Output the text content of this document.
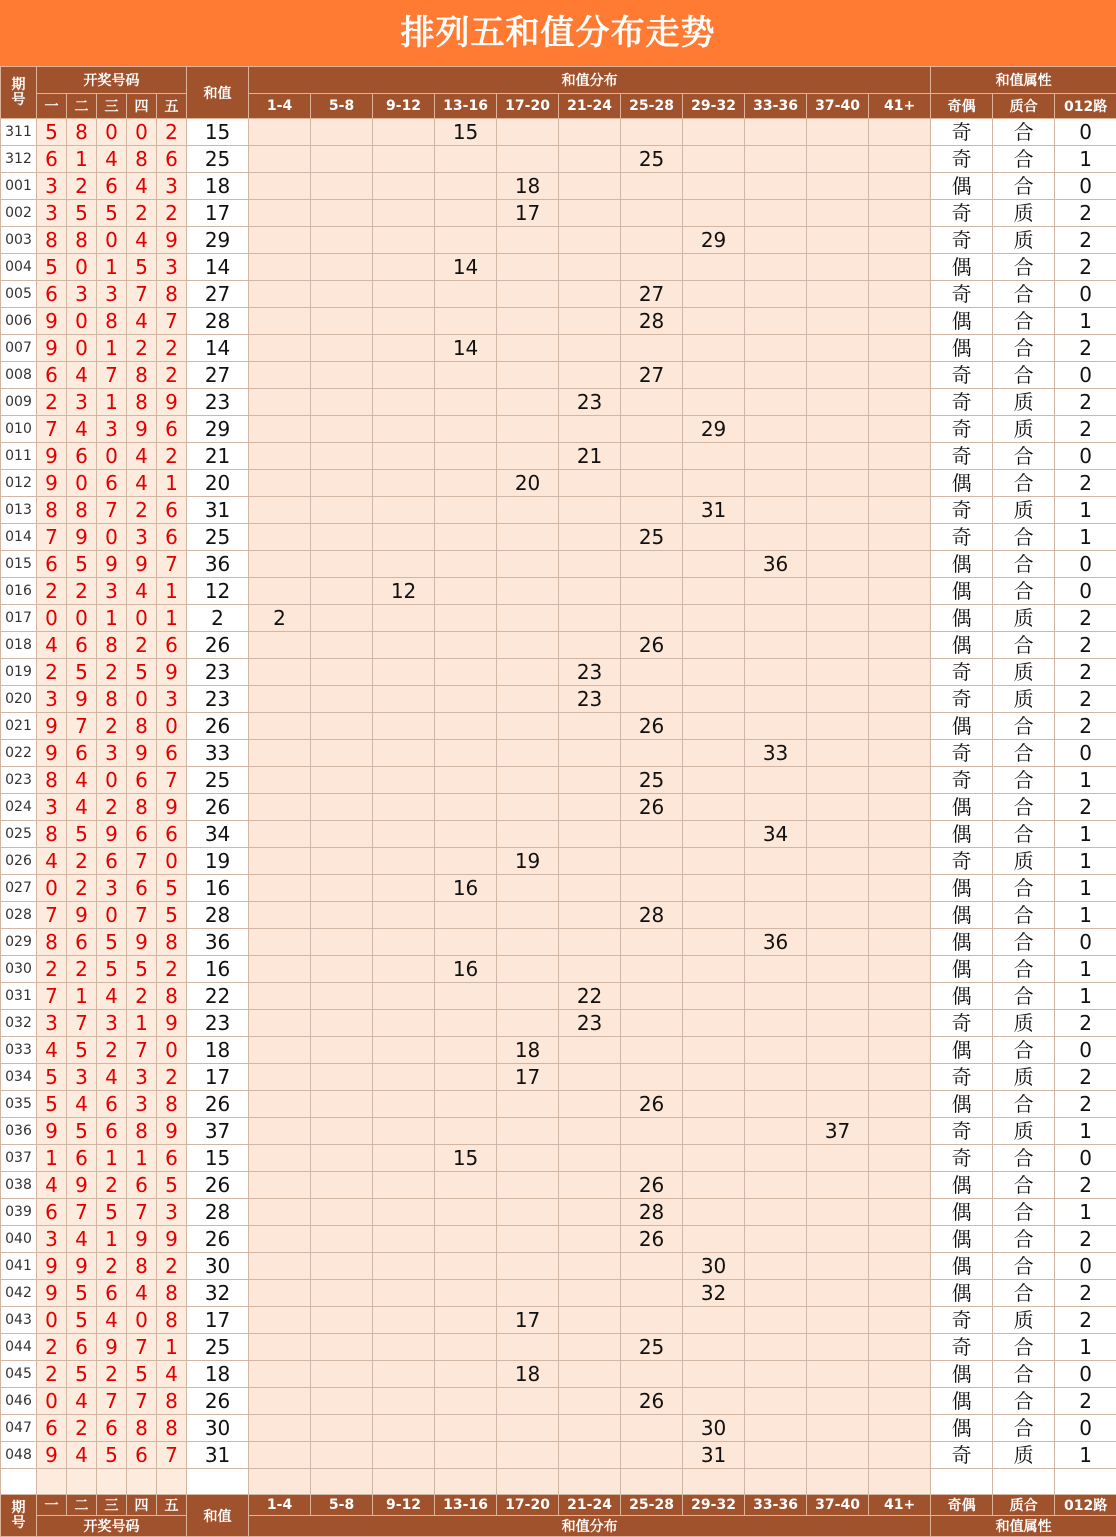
排列五和值分布走势
期号	开奖号码					和值	和值分布											和值属性		
	一	二	三	四	五		1-4	5-8	9-12	13-16	17-20	21-24	25-28	29-32	33-36	37-40	41+	奇偶	质合	012路
311	5	8	0	0	2	15				15								奇	合	0
312	6	1	4	8	6	25							25					奇	合	1
001	3	2	6	4	3	18					18							偶	合	0
002	3	5	5	2	2	17					17							奇	质	2
003	8	8	0	4	9	29								29				奇	质	2
004	5	0	1	5	3	14				14								偶	合	2
005	6	3	3	7	8	27							27					奇	合	0
006	9	0	8	4	7	28							28					偶	合	1
007	9	0	1	2	2	14				14								偶	合	2
008	6	4	7	8	2	27							27					奇	合	0
009	2	3	1	8	9	23						23						奇	质	2
010	7	4	3	9	6	29								29				奇	质	2
011	9	6	0	4	2	21						21						奇	合	0
012	9	0	6	4	1	20					20							偶	合	2
013	8	8	7	2	6	31								31				奇	质	1
014	7	9	0	3	6	25							25					奇	合	1
015	6	5	9	9	7	36									36			偶	合	0
016	2	2	3	4	1	12			12									偶	合	0
017	0	0	1	0	1	2	2											偶	质	2
018	4	6	8	2	6	26							26					偶	合	2
019	2	5	2	5	9	23						23						奇	质	2
020	3	9	8	0	3	23						23						奇	质	2
021	9	7	2	8	0	26							26					偶	合	2
022	9	6	3	9	6	33									33			奇	合	0
023	8	4	0	6	7	25							25					奇	合	1
024	3	4	2	8	9	26							26					偶	合	2
025	8	5	9	6	6	34									34			偶	合	1
026	4	2	6	7	0	19					19							奇	质	1
027	0	2	3	6	5	16				16								偶	合	1
028	7	9	0	7	5	28							28					偶	合	1
029	8	6	5	9	8	36									36			偶	合	0
030	2	2	5	5	2	16				16								偶	合	1
031	7	1	4	2	8	22						22						偶	合	1
032	3	7	3	1	9	23						23						奇	质	2
033	4	5	2	7	0	18					18							偶	合	0
034	5	3	4	3	2	17					17							奇	质	2
035	5	4	6	3	8	26							26					偶	合	2
036	9	5	6	8	9	37										37		奇	质	1
037	1	6	1	1	6	15				15								奇	合	0
038	4	9	2	6	5	26							26					偶	合	2
039	6	7	5	7	3	28							28					偶	合	1
040	3	4	1	9	9	26							26					偶	合	2
041	9	9	2	8	2	30								30				偶	合	0
042	9	5	6	4	8	32								32				偶	合	2
043	0	5	4	0	8	17					17							奇	质	2
044	2	6	9	7	1	25							25					奇	合	1
045	2	5	2	5	4	18					18							偶	合	0
046	0	4	7	7	8	26							26					偶	合	2
047	6	2	6	8	8	30								30				偶	合	0
048	9	4	5	6	7	31								31				奇	质	1

期号	一	二	三	四	五	和值	1-4	5-8	9-12	13-16	17-20	21-24	25-28	29-32	33-36	37-40	41+	奇偶	质合	012路
	开奖号码						和值分布											和值属性		
